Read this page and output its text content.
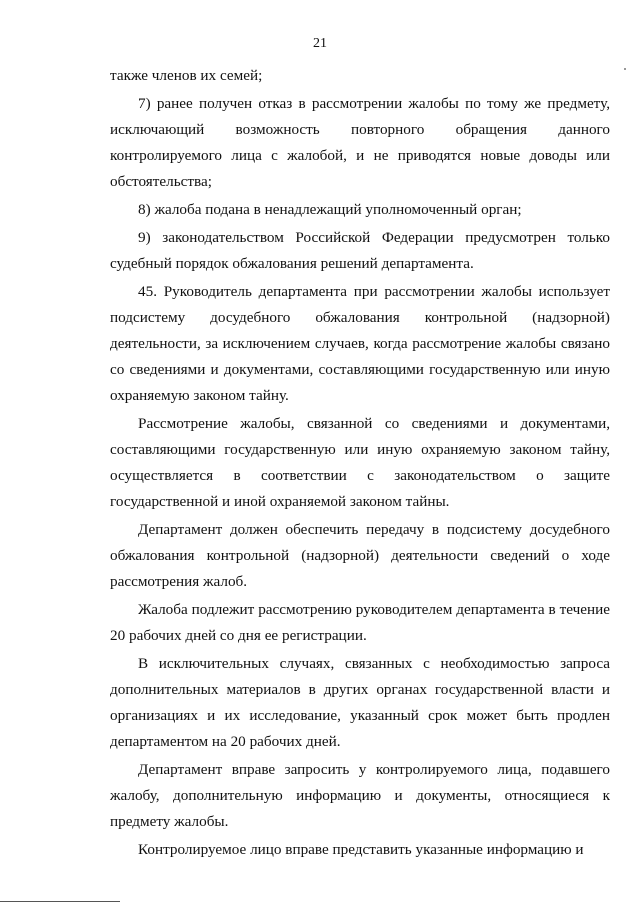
21

также членов их семей;

7) ранее получен отказ в рассмотрении жалобы по тому же предмету, исключающий возможность повторного обращения данного контролируемого лица с жалобой, и не приводятся новые доводы или обстоятельства;

8) жалоба подана в ненадлежащий уполномоченный орган;

9) законодательством Российской Федерации предусмотрен только судебный порядок обжалования решений департамента.

45. Руководитель департамента при рассмотрении жалобы использует подсистему досудебного обжалования контрольной (надзорной) деятельности, за исключением случаев, когда рассмотрение жалобы связано со сведениями и документами, составляющими государственную или иную охраняемую законом тайну.

Рассмотрение жалобы, связанной со сведениями и документами, составляющими государственную или иную охраняемую законом тайну, осуществляется в соответствии с законодательством о защите государственной и иной охраняемой законом тайны.

Департамент должен обеспечить передачу в подсистему досудебного обжалования контрольной (надзорной) деятельности сведений о ходе рассмотрения жалоб.

Жалоба подлежит рассмотрению руководителем департамента в течение 20 рабочих дней со дня ее регистрации.

В исключительных случаях, связанных с необходимостью запроса дополнительных материалов в других органах государственной власти и организациях и их исследование, указанный срок может быть продлен департаментом на 20 рабочих дней.

Департамент вправе запросить у контролируемого лица, подавшего жалобу, дополнительную информацию и документы, относящиеся к предмету жалобы.

Контролируемое лицо вправе представить указанные информацию и
